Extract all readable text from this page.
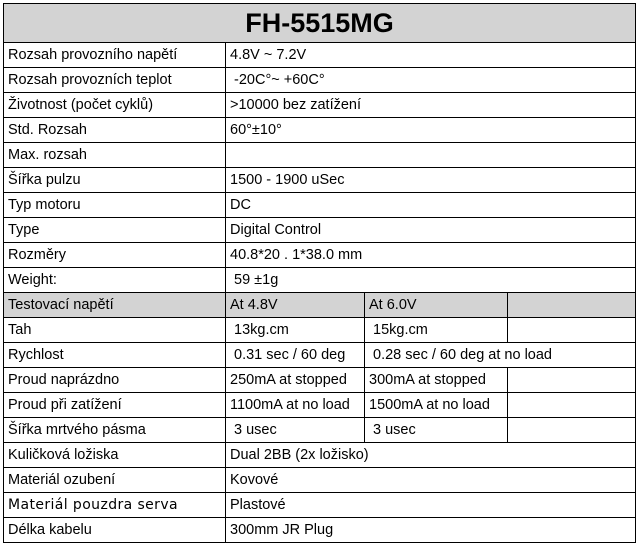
FH-5515MG			
Rozsah provozního napětí	4.8V ~ 7.2V		
Rozsah provozních teplot	-20C°~ +60C°		
Životnost (počet cyklů)	>10000 bez zatížení		
Std. Rozsah	60°±10°		
Max. rozsah			
Šířka pulzu	1500 - 1900 uSec		
Typ motoru	DC		
Type	Digital Control		
Rozměry	40.8*20 . 1*38.0 mm		
Weight:	59 ±1g		
Testovací napětí	At 4.8V	At 6.0V	
Tah	13kg.cm	15kg.cm	
Rychlost	0.31 sec / 60 deg	0.28 sec / 60 deg at no load	
Proud naprázdno	250mA at stopped	300mA at stopped	
Proud při zatížení	1100mA at no load	1500mA at no load	
Šířka mrtvého pásma	3 usec	3 usec	
Kuličková ložiska	Dual 2BB (2x ložisko)		
Materiál ozubení	Kovové		
Materiál pouzdra serva	Plastové		
Délka kabelu	300mm JR Plug		
